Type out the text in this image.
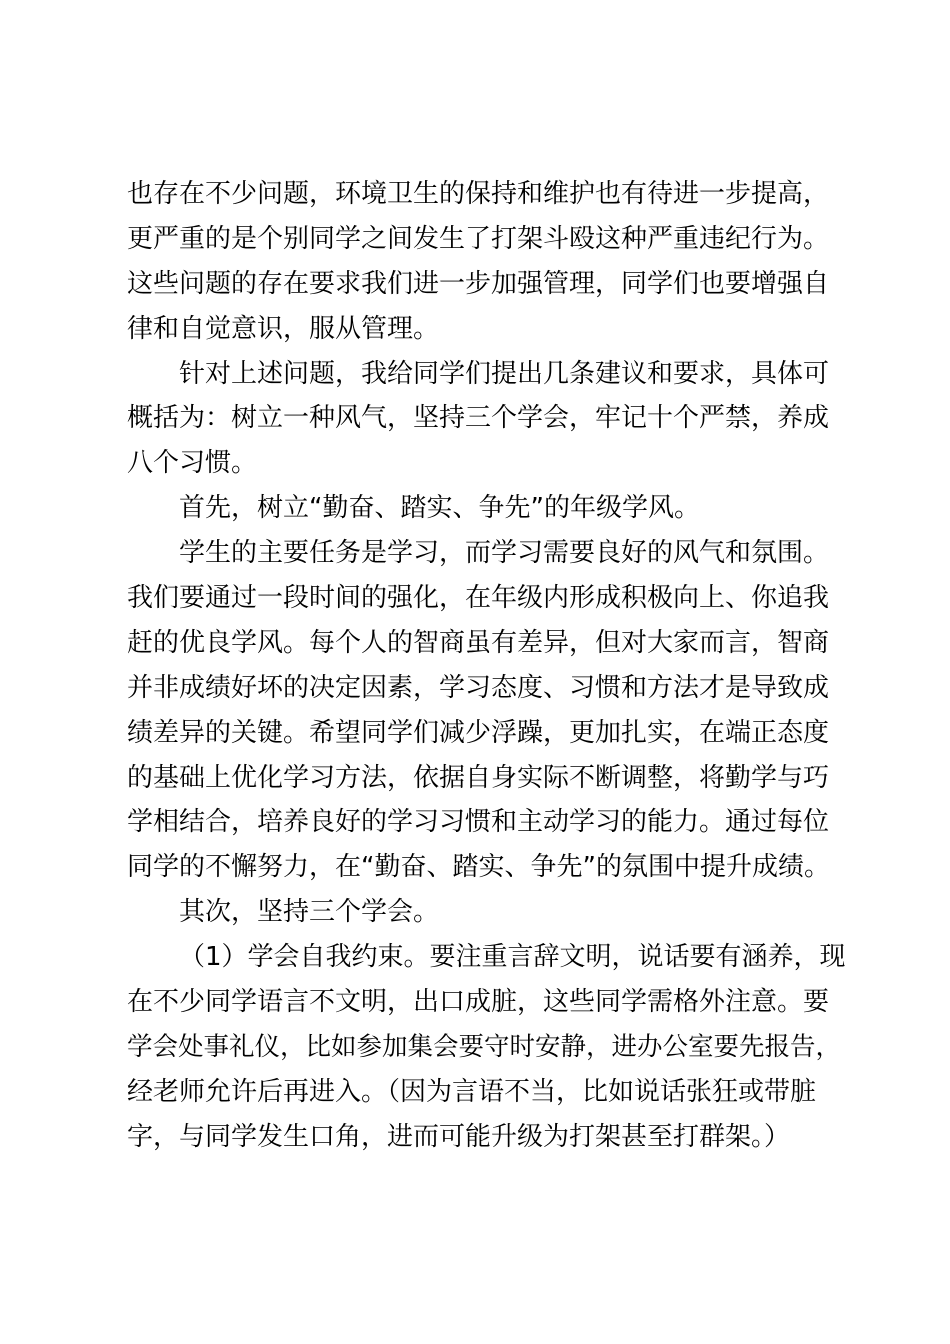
也存在不少问题，环境卫生的保持和维护也有待进一步提高，
更严重的是个别同学之间发生了打架斗殴这种严重违纪行为。
这些问题的存在要求我们进一步加强管理，同学们也要增强自
律和自觉意识，服从管理。
针对上述问题，我给同学们提出几条建议和要求，具体可
概括为：树立一种风气，坚持三个学会，牢记十个严禁，养成
八个习惯。
首先，树立“勤奋、踏实、争先”的年级学风。
学生的主要任务是学习，而学习需要良好的风气和氛围。
我们要通过一段时间的强化，在年级内形成积极向上、你追我
赶的优良学风。每个人的智商虽有差异，但对大家而言，智商
并非成绩好坏的决定因素，学习态度、习惯和方法才是导致成
绩差异的关键。希望同学们减少浮躁，更加扎实，在端正态度
的基础上优化学习方法，依据自身实际不断调整，将勤学与巧
学相结合，培养良好的学习习惯和主动学习的能力。通过每位
同学的不懈努力，在“勤奋、踏实、争先”的氛围中提升成绩。
其次，坚持三个学会。
（1）学会自我约束。要注重言辞文明，说话要有涵养，现
在不少同学语言不文明，出口成脏，这些同学需格外注意。要
学会处事礼仪，比如参加集会要守时安静，进办公室要先报告，
经老师允许后再进入。（因为言语不当，比如说话张狂或带脏
字，与同学发生口角，进而可能升级为打架甚至打群架。）
